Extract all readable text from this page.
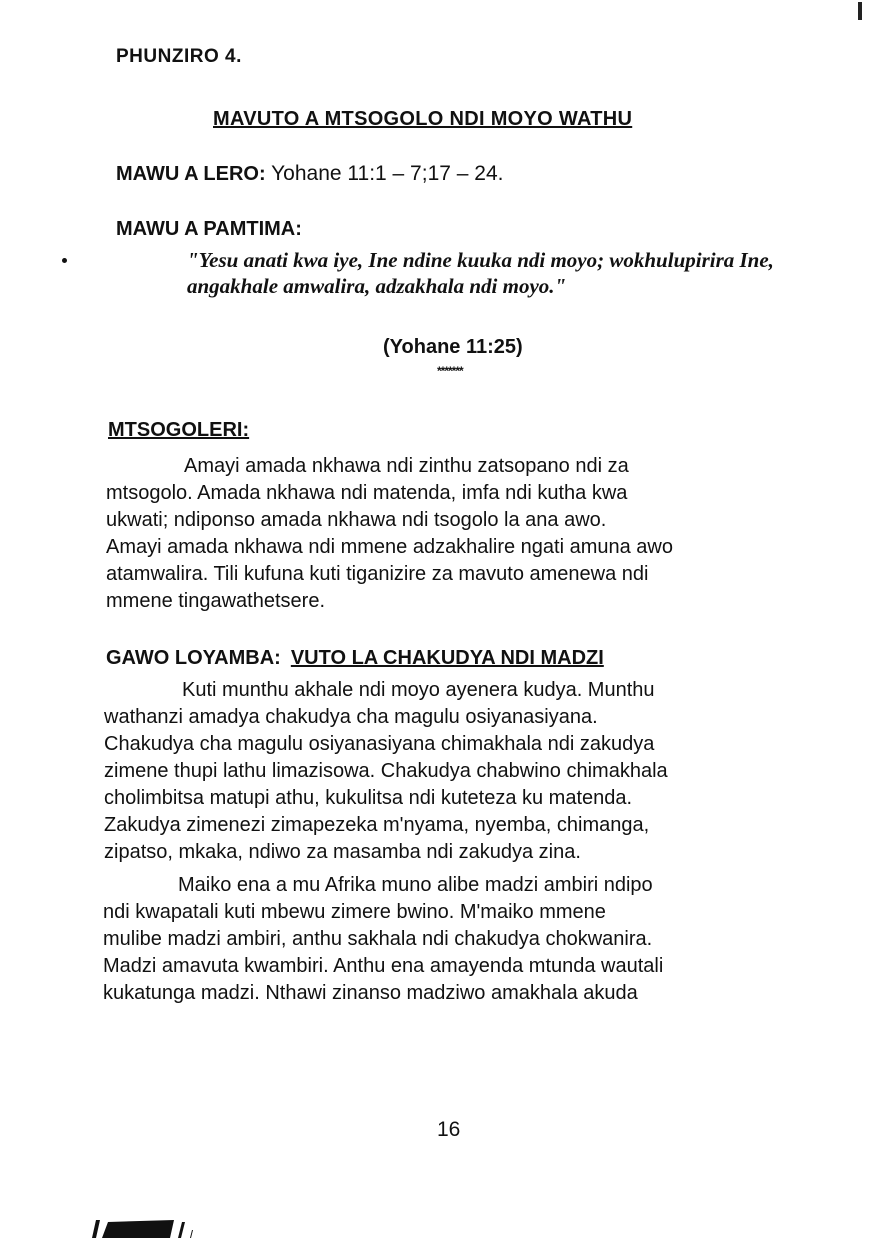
PHUNZIRO 4.
MAVUTO A MTSOGOLO NDI MOYO WATHU
MAWU A LERO: Yohane 11:1 – 7;17 – 24.
MAWU A PAMTIMA:
"Yesu anati kwa iye, Ine ndine kuuka ndi moyo; wokhulupirira Ine, angakhale amwalira, adzakhala ndi moyo."
(Yohane 11:25)
*******
MTSOGOLERI:
Amayi amada nkhawa ndi zinthu zatsopano ndi za
mtsogolo. Amada nkhawa ndi matenda, imfa ndi kutha kwa
ukwati; ndiponso amada nkhawa ndi tsogolo la ana awo.
Amayi amada nkhawa ndi mmene adzakhalire ngati amuna awo
atamwalira. Tili kufuna kuti tiganizire za mavuto amenewa ndi
mmene tingawathetsere.
GAWO LOYAMBA: VUTO LA CHAKUDYA NDI MADZI
Kuti munthu akhale ndi moyo ayenera kudya. Munthu
wathanzi amadya chakudya cha magulu osiyanasiyana.
Chakudya cha magulu osiyanasiyana chimakhala ndi zakudya
zimene thupi lathu limazisowa. Chakudya chabwino chimakhala
cholimbitsa matupi athu, kukulitsa ndi kuteteza ku matenda.
Zakudya zimenezi zimapezeka m'nyama, nyemba, chimanga,
zipatso, mkaka, ndiwo za masamba ndi zakudya zina.
Maiko ena a mu Afrika muno alibe madzi ambiri ndipo
ndi kwapatali kuti mbewu zimere bwino. M'maiko mmene
mulibe madzi ambiri, anthu sakhala ndi chakudya chokwanira.
Madzi amavuta kwambiri. Anthu ena amayenda mtunda wautali
kukatunga madzi. Nthawi zinanso madziwo amakhala akuda
16
